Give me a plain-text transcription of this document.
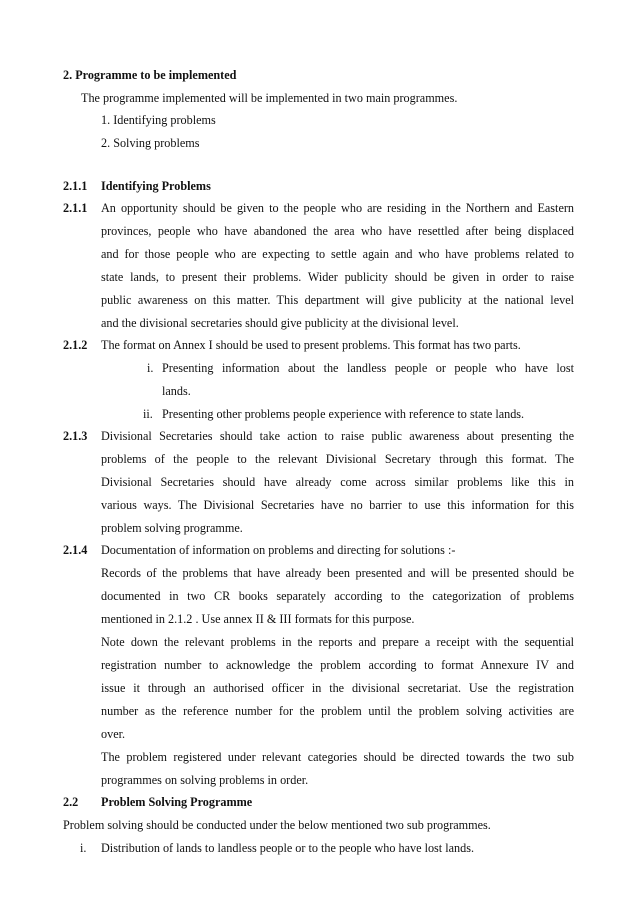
2. Programme to be implemented
The programme implemented will be implemented in two main programmes.
1. Identifying problems
2. Solving problems
2.1.1 Identifying Problems
2.1.1 An opportunity should be given to the people who are residing in the Northern and Eastern
provinces, people who have abandoned the area who have resettled after being displaced
and for those people who are expecting to settle again and who have problems related to
state lands, to present their problems. Wider publicity should be given in order to raise
public awareness on this matter. This department will give publicity at the national level
and the divisional secretaries should give publicity at the divisional level.
2.1.2 The format on Annex I should be used to present problems. This format has two parts.
i. Presenting information about the landless people or people who have lost
lands.
ii. Presenting other problems people experience with reference to state lands.
2.1.3 Divisional Secretaries should take action to raise public awareness about presenting the
problems of the people to the relevant Divisional Secretary through this format. The
Divisional Secretaries should have already come across similar problems like this in
various ways. The Divisional Secretaries have no barrier to use this information for this
problem solving programme.
2.1.4 Documentation of information on problems and directing for solutions :-
Records of the problems that have already been presented and will be presented should be
documented in two CR books separately according to the categorization of problems
mentioned in 2.1.2 . Use annex II & III formats for this purpose.
Note down the relevant problems in the reports and prepare a receipt with the sequential
registration number to acknowledge the problem according to format Annexure IV and
issue it through an authorised officer in the divisional secretariat. Use the registration
number as the reference number for the problem until the problem solving activities are
over.
The problem registered under relevant categories should be directed towards the two sub
programmes on solving problems in order.
2.2 Problem Solving Programme
Problem solving should be conducted under the below mentioned two sub programmes.
i. Distribution of lands to landless people or to the people who have lost lands.
